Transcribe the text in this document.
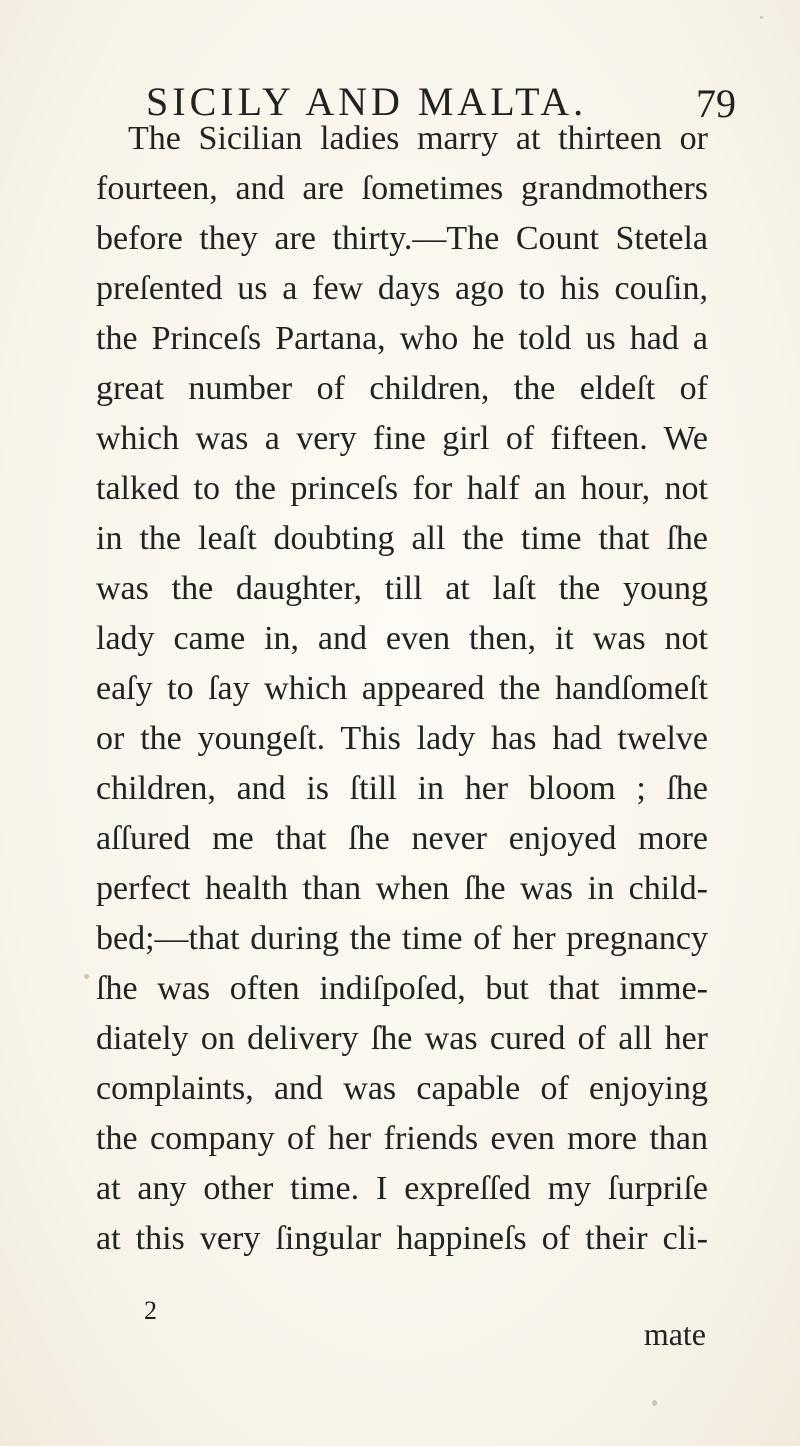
SICILY AND MALTA.	79
The Sicilian ladies marry at thirteen or
fourteen, and are ſometimes grandmothers
before they are thirty.—The Count Stetela
preſented us a few days ago to his couſin,
the Princeſs Partana, who he told us had a
great number of children, the eldeſt of
which was a very fine girl of fifteen. We
talked to the princeſs for half an hour, not
in the leaſt doubting all the time that ſhe
was the daughter, till at laſt the young
lady came in, and even then, it was not
eaſy to ſay which appeared the handſomeſt
or the youngeſt. This lady has had twelve
children, and is ſtill in her bloom ; ſhe
aſſured me that ſhe never enjoyed more
perfect health than when ſhe was in child-
bed;—that during the time of her pregnancy
ſhe was often indiſpoſed, but that imme-
diately on delivery ſhe was cured of all her
complaints, and was capable of enjoying
the company of her friends even more than
at any other time. I expreſſed my ſurpriſe
at this very ſingular happineſs of their cli-
2
mate
